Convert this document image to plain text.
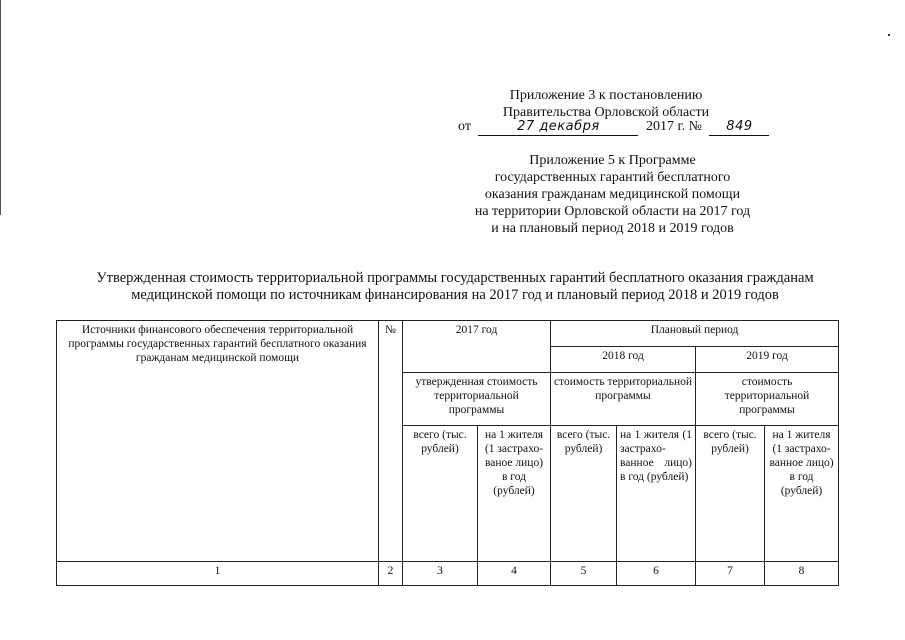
Приложение 3 к постановлению
Правительства Орловской области
от	27 декабря	2017 г. № 849
Приложение 5 к Программе
государственных гарантий бесплатного
оказания гражданам медицинской помощи
на территории Орловской области на 2017 год
и на плановый период 2018 и 2019 годов
Утвержденная стоимость территориальной программы государственных гарантий бесплатного оказания гражданам
медицинской помощи по источникам финансирования на 2017 год и плановый период 2018 и 2019 годов
Источники финансового обеспечения территориальной программы государственных гарантий бесплатного оказания гражданам медицинской помощи	№	2017 год		Плановый период			
				2018 год		2019 год	
		утвержденная стоимость территориальной программы		стоимость территориальной программы		стоимость территориальной программы	
		всего (тыс. рублей)	на 1 жителя (1 застрахо-ваное лицо) в год (рублей)	всего (тыс. рублей)	на 1 жителя (1 застрахо-ванное лицо) в год (рублей)	всего (тыс. рублей)	на 1 жителя (1 застрахо-ванное лицо) в год (рублей)
1	2	3	4	5	6	7	8
